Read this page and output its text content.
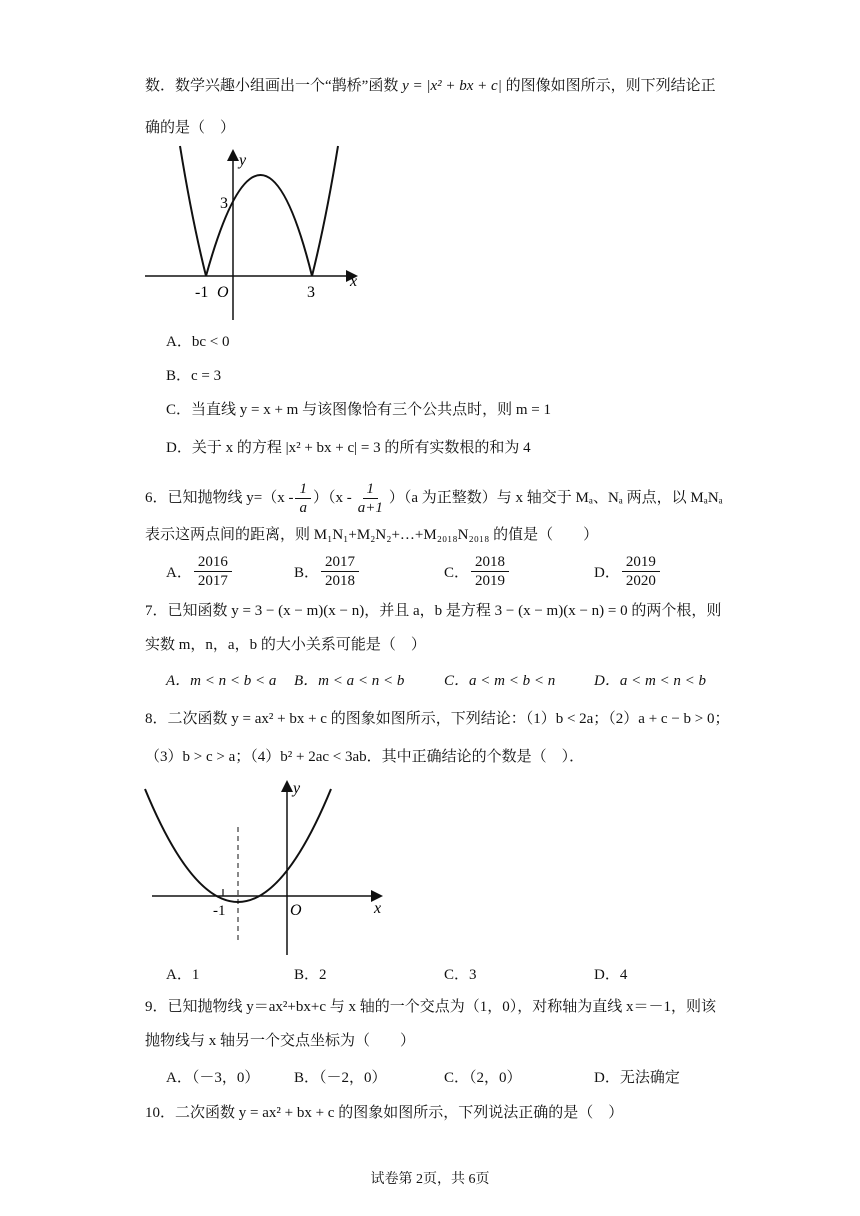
数．数学兴趣小组画出一个“鹊桥”函数 y = |x² + bx + c| 的图像如图所示，则下列结论正
确的是（　）
y
x
3
-1 O	3
A．bc < 0
B．c = 3
C．当直线 y = x + m 与该图像恰有三个公共点时，则 m = 1
D．关于 x 的方程 |x² + bx + c| = 3 的所有实数根的和为 4
6．已知抛物线 $y=(x - \frac{1}{a} )(x - \frac{1}{a+1} )(a$ 为正整数）与 x 轴交于 Mₐ、Nₐ 两点，以 MₐNₐ
表示这两点间的距离，则 M₁N₁+M₂N₂+…+M₂₀₁₈N₂₀₁₈ 的值是（　　）
A． $\frac{2016}{2017}$	B． $\frac{2017}{2018}$	C． $\frac{2018}{2019}$	D． $\frac{2019}{2020}$
7．已知函数 y = 3 − (x − m)(x − n)，并且 a，b 是方程 3 − (x − m)(x − n) = 0 的两个根，则
实数 m，n，a，b 的大小关系可能是（　）
A．m < n < b < a	B．m < a < n < b	C．a < m < b < n	D．a < m < n < b
8．二次函数 y = ax² + bx + c 的图象如图所示，下列结论：（1）b < 2a；（2）a + c − b > 0；
（3）b > c > a；（4）b² + 2ac < 3ab．其中正确结论的个数是（　）．
y
x
-1	O
A．1	B．2	C．3	D．4
9．已知抛物线 y＝ax²+bx+c 与 x 轴的一个交点为（1，0），对称轴为直线 x＝－1，则该
抛物线与 x 轴另一个交点坐标为（　　）
A．（－3，0）	B．（－2，0）	C．（2，0）	D．无法确定
10．二次函数 y = ax² + bx + c 的图象如图所示，下列说法正确的是（　）
试卷第 2页，共 6页
